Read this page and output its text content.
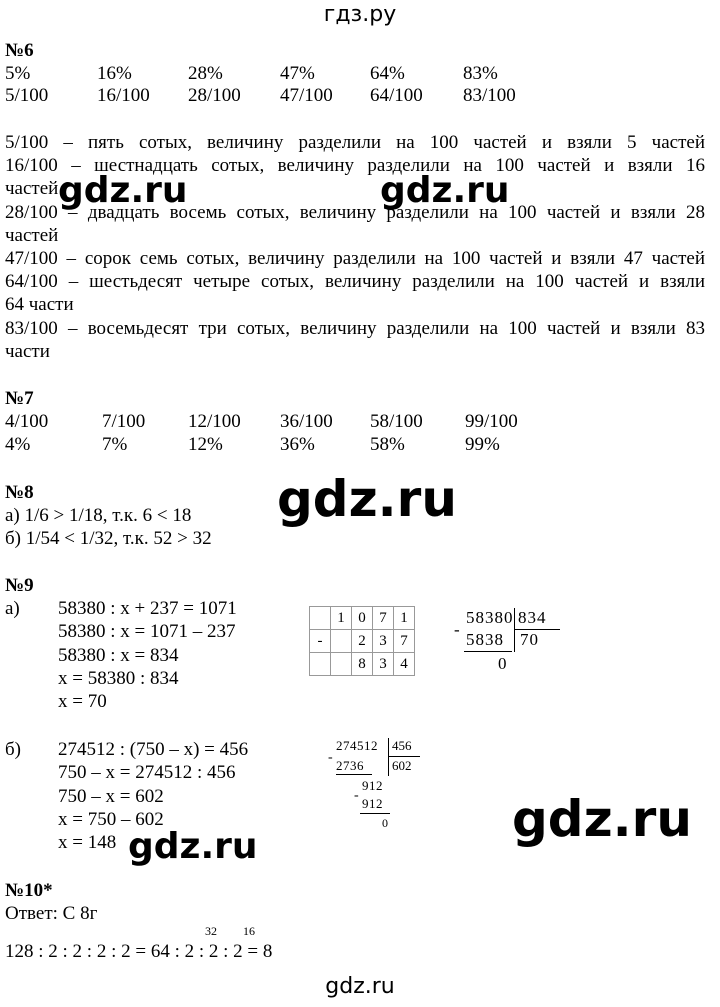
гдз.ру
gdz.ru
gdz.ru	gdz.ru
gdz.ru
gdz.ru
gdz.ru
№6
5%	16%	28%	47%	64%	83%
5/100	16/100 28/100 47/100 64/100 83/100
5/100 – пять сотых, величину разделили на 100 частей и взяли 5 частей
16/100 – шестнадцать сотых, величину разделили на 100 частей и взяли 16
частей
28/100 – двадцать восемь сотых, величину разделили на 100 частей и взяли 28
частей
47/100 – сорок семь сотых, величину разделили на 100 частей и взяли 47 частей
64/100 – шестьдесят четыре сотых, величину разделили на 100 частей и взяли
64 части
83/100 – восемьдесят три сотых, величину разделили на 100 частей и взяли 83
части
№7
4/100	7/100 12/100 36/100 58/100 99/100
4%	7%	12%	36%	58%	99%
№8
а) 1/6 > 1/18, т.к. 6 < 18
б) 1/54 < 1/32, т.к. 52 > 32
№9
а) 58380 : x + 237 = 1071
58380 : x = 1071 – 237
58380 : x = 834
x = 58380 : 834
x = 70
	1	0	7	1
-		2	3	7
		8	3	4
58380 834
-
5838 70
0
б) 274512 : (750 – x) = 456
750 – x = 274512 : 456
750 – x = 602
x = 750 – 602
x = 148
274512 456
-
2736 602
912
-
912
0
№10*
Ответ: С 8г
32 16
128 : 2 : 2 : 2 : 2 = 64 : 2 : 2 : 2 = 8
